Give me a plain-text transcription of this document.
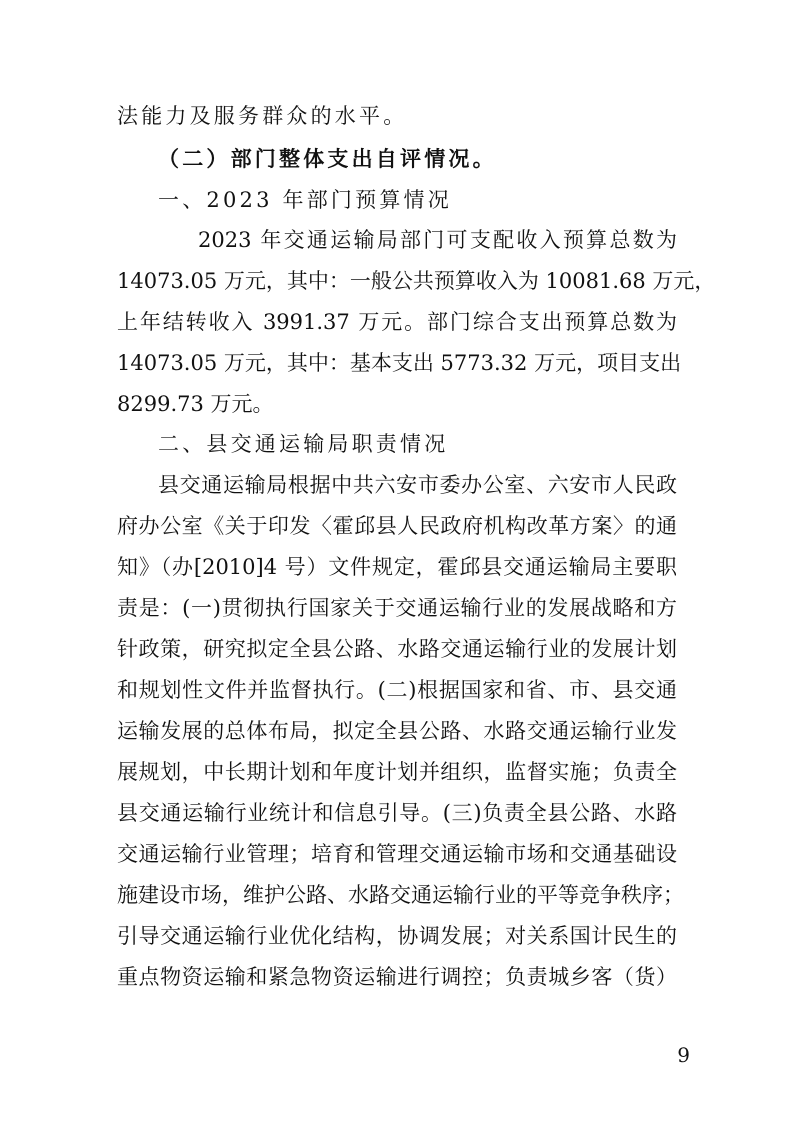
法能力及服务群众的水平。
（二）部门整体支出自评情况。
一、2023 年部门预算情况
2023 年交通运输局部门可支配收入预算总数为
14073.05 万元，其中：一般公共预算收入为 10081.68 万元，
上年结转收入 3991.37 万元。部门综合支出预算总数为
14073.05 万元，其中：基本支出 5773.32 万元，项目支出
8299.73 万元。
二、县交通运输局职责情况
县交通运输局根据中共六安市委办公室、六安市人民政
府办公室《关于印发〈霍邱县人民政府机构改革方案〉的通
知》（办[2010]4 号）文件规定，霍邱县交通运输局主要职
责是：(一)贯彻执行国家关于交通运输行业的发展战略和方
针政策，研究拟定全县公路、水路交通运输行业的发展计划
和规划性文件并监督执行。(二)根据国家和省、市、县交通
运输发展的总体布局，拟定全县公路、水路交通运输行业发
展规划，中长期计划和年度计划并组织，监督实施；负责全
县交通运输行业统计和信息引导。(三)负责全县公路、水路
交通运输行业管理；培育和管理交通运输市场和交通基础设
施建设市场，维护公路、水路交通运输行业的平等竞争秩序；
引导交通运输行业优化结构，协调发展；对关系国计民生的
重点物资运输和紧急物资运输进行调控；负责城乡客（货）
9
